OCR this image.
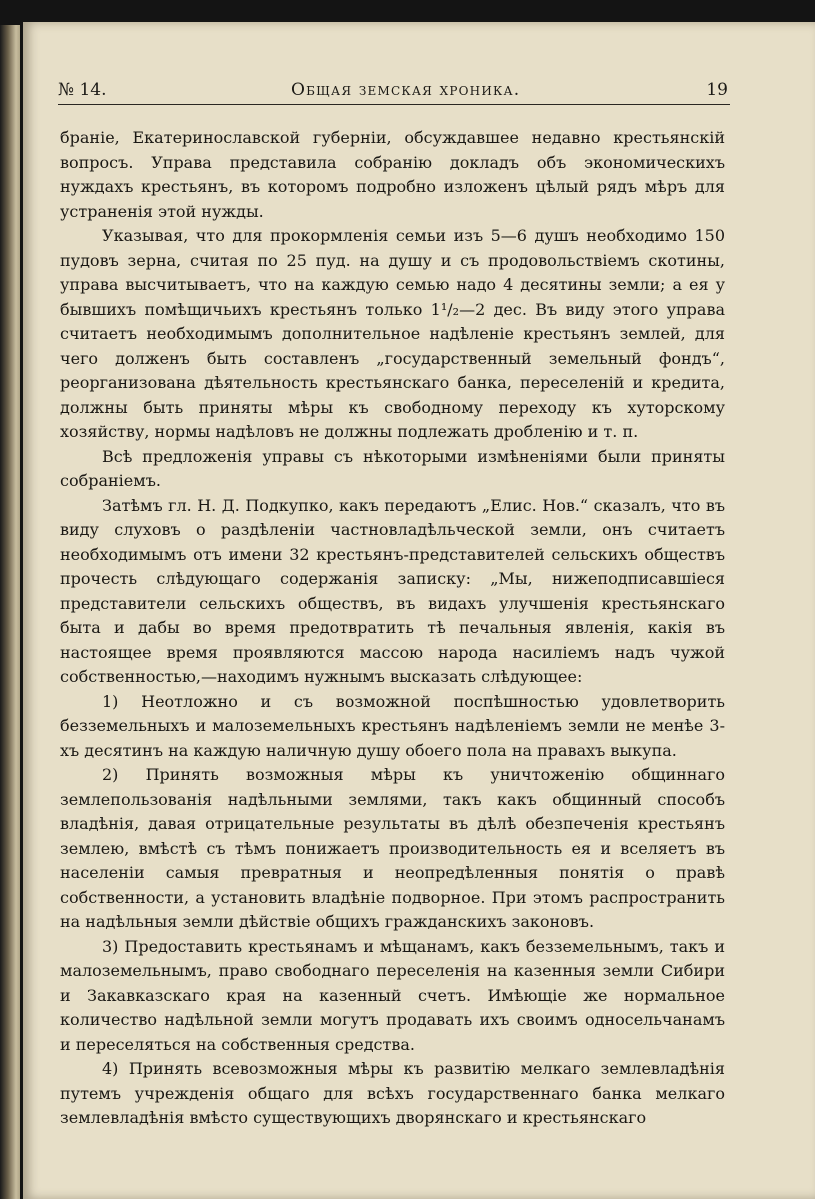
№ 14.	Общая земская хроника.	19

браніе, Екатеринославской губерніи, обсуждавшее недавно крестьянскій вопросъ. Управа представила собранію докладъ объ экономическихъ нуждахъ крестьянъ, въ которомъ подробно изложенъ цѣлый рядъ мѣръ для устраненія этой нужды.

Указывая, что для прокормленія семьи изъ 5—6 душъ необходимо 150 пудовъ зерна, считая по 25 пуд. на душу и съ продовольствіемъ скотины, управа высчитываетъ, что на каждую семью надо 4 десятины земли; а ея у бывшихъ помѣщичьихъ крестьянъ только 1¹/₂—2 дес. Въ виду этого управа считаетъ необходимымъ дополнительное надѣленіе крестьянъ землей, для чего долженъ быть составленъ „государственный земельный фондъ“, реорганизована дѣятельность крестьянскаго банка, переселеній и кредита, должны быть приняты мѣры къ свободному переходу къ хуторскому хозяйству, нормы надѣловъ не должны подлежать дробленію и т. п.

Всѣ предложенія управы съ нѣкоторыми измѣненіями были приняты собраніемъ.

Затѣмъ гл. Н. Д. Подкупко, какъ передаютъ „Елис. Нов.“ сказалъ, что въ виду слуховъ о раздѣленіи частновладѣльческой земли, онъ считаетъ необходимымъ отъ имени 32 крестьянъ-представителей сельскихъ обществъ прочесть слѣдующаго содержанія записку: „Мы, нижеподписавшіеся представители сельскихъ обществъ, въ видахъ улучшенія крестьянскаго быта и дабы во время предотвратить тѣ печальныя явленія, какія въ настоящее время проявляются массою народа насиліемъ надъ чужой собственностью,—находимъ нужнымъ высказать слѣдующее:

1) Неотложно и съ возможной поспѣшностью удовлетворить безземельныхъ и малоземельныхъ крестьянъ надѣленіемъ земли не менѣе 3-хъ десятинъ на каждую наличную душу обоего пола на правахъ выкупа.

2) Принять возможныя мѣры къ уничтоженію общиннаго землепользованія надѣльными землями, такъ какъ общинный способъ владѣнія, давая отрицательные результаты въ дѣлѣ обезпеченія крестьянъ землею, вмѣстѣ съ тѣмъ понижаетъ производительность ея и вселяетъ въ населеніи самыя превратныя и неопредѣленныя понятія о правѣ собственности, а установить владѣніе подворное. При этомъ распространить на надѣльныя земли дѣйствіе общихъ гражданскихъ законовъ.

3) Предоставить крестьянамъ и мѣщанамъ, какъ безземельнымъ, такъ и малоземельнымъ, право свободнаго переселенія на казенныя земли Сибири и Закавказскаго края на казенный счетъ. Имѣющіе же нормальное количество надѣльной земли могутъ продавать ихъ своимъ односельчанамъ и переселяться на собственныя средства.

4) Принять всевозможныя мѣры къ развитію мелкаго землевладѣнія путемъ учрежденія общаго для всѣхъ государственнаго банка мелкаго землевладѣнія вмѣсто существующихъ дворянскаго и крестьянскаго
